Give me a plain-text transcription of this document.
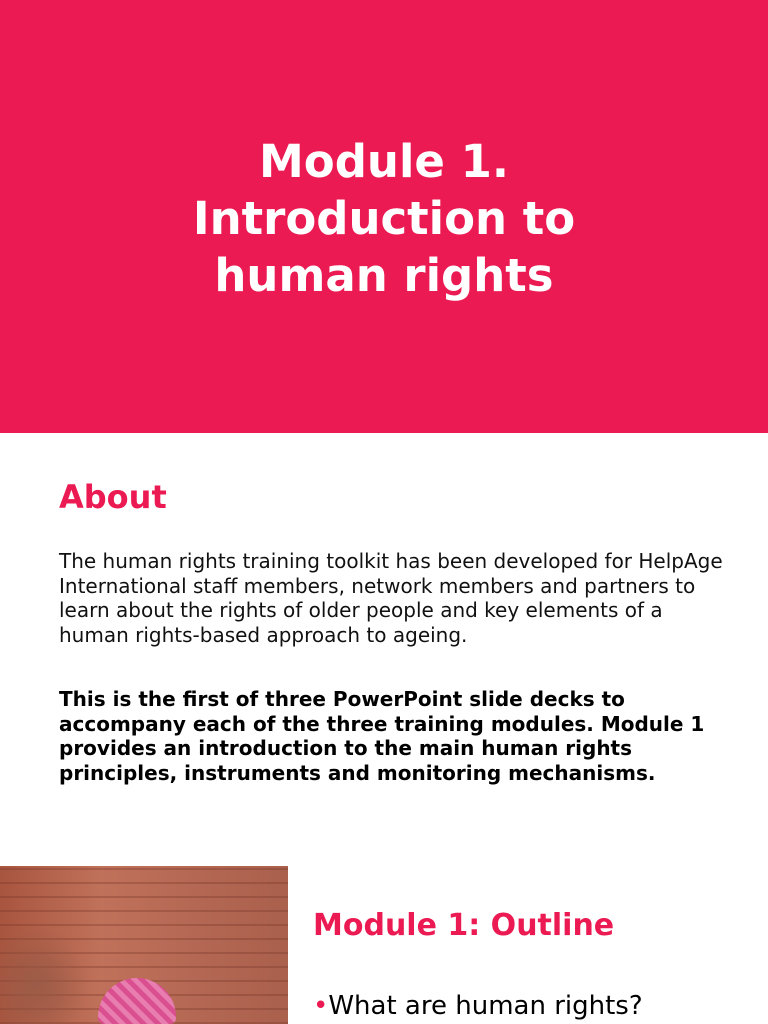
Module 1.
Introduction to
human rights
About

The human rights training toolkit has been developed for HelpAge International staff members, network members and partners to learn about the rights of older people and key elements of a human rights-based approach to ageing.

This is the first of three PowerPoint slide decks to accompany each of the three training modules. Module 1 provides an introduction to the main human rights principles, instruments and monitoring mechanisms.

Module 1: Outline
•What are human rights?
